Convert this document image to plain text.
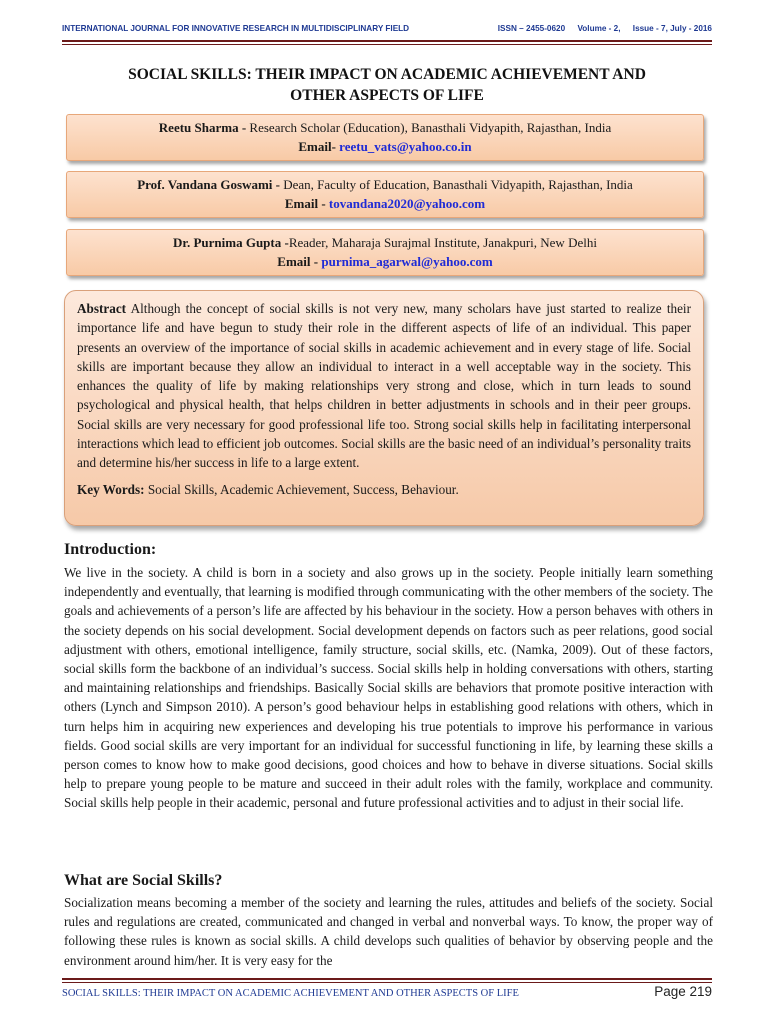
INTERNATIONAL JOURNAL FOR INNOVATIVE RESEARCH IN MULTIDISCIPLINARY FIELD	ISSN – 2455-0620 Volume - 2, Issue - 7, July - 2016
SOCIAL SKILLS: THEIR IMPACT ON ACADEMIC ACHIEVEMENT AND
OTHER ASPECTS OF LIFE
Reetu Sharma - Research Scholar (Education), Banasthali Vidyapith, Rajasthan, India
Email- reetu_vats@yahoo.co.in
Prof. Vandana Goswami - Dean, Faculty of Education, Banasthali Vidyapith, Rajasthan, India
Email - tovandana2020@yahoo.com
Dr. Purnima Gupta -Reader, Maharaja Surajmal Institute, Janakpuri, New Delhi
Email - purnima_agarwal@yahoo.com

Abstract Although the concept of social skills is not very new, many scholars have just started to realize their importance life and have begun to study their role in the different aspects of life of an individual. This paper presents an overview of the importance of social skills in academic achievement and in every stage of life. Social skills are important because they allow an individual to interact in a well acceptable way in the society. This enhances the quality of life by making relationships very strong and close, which in turn leads to sound psychological and physical health, that helps children in better adjustments in schools and in their peer groups. Social skills are very necessary for good professional life too. Strong social skills help in facilitating interpersonal interactions which lead to efficient job outcomes. Social skills are the basic need of an individual’s personality traits and determine his/her success in life to a large extent.

Key Words: Social Skills, Academic Achievement, Success, Behaviour.
Introduction:

We live in the society. A child is born in a society and also grows up in the society. People initially learn something independently and eventually, that learning is modified through communicating with the other members of the society. The goals and achievements of a person’s life are affected by his behaviour in the society. How a person behaves with others in the society depends on his social development. Social development depends on factors such as peer relations, good social adjustment with others, emotional intelligence, family structure, social skills, etc. (Namka, 2009). Out of these factors, social skills form the backbone of an individual’s success. Social skills help in holding conversations with others, starting and maintaining relationships and friendships. Basically Social skills are behaviors that promote positive interaction with others (Lynch and Simpson 2010). A person’s good behaviour helps in establishing good relations with others, which in turn helps him in acquiring new experiences and developing his true potentials to improve his performance in various fields. Good social skills are very important for an individual for successful functioning in life, by learning these skills a person comes to know how to make good decisions, good choices and how to behave in diverse situations. Social skills help to prepare young people to be mature and succeed in their adult roles with the family, workplace and community. Social skills help people in their academic, personal and future professional activities and to adjust in their social life.

What are Social Skills?

Socialization means becoming a member of the society and learning the rules, attitudes and beliefs of the society. Social rules and regulations are created, communicated and changed in verbal and nonverbal ways. To know, the proper way of following these rules is known as social skills. A child develops such qualities of behavior by observing people and the environment around him/her. It is very easy for the

SOCIAL SKILLS: THEIR IMPACT ON ACADEMIC ACHIEVEMENT AND OTHER ASPECTS OF LIFE	Page 219
